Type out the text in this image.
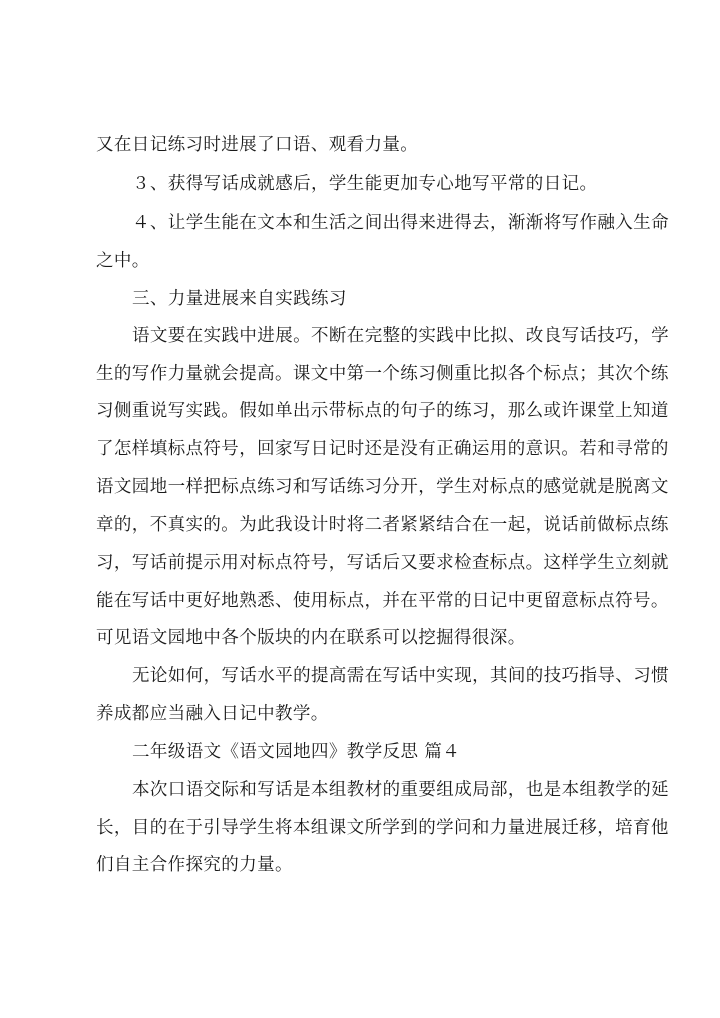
又在日记练习时进展了口语、观看力量。
３、获得写话成就感后，学生能更加专心地写平常的日记。
４、让学生能在文本和生活之间出得来进得去，渐渐将写作融入生命
之中。
三、力量进展来自实践练习
语文要在实践中进展。不断在完整的实践中比拟、改良写话技巧，学
生的写作力量就会提高。课文中第一个练习侧重比拟各个标点；其次个练
习侧重说写实践。假如单出示带标点的句子的练习，那么或许课堂上知道
了怎样填标点符号，回家写日记时还是没有正确运用的意识。若和寻常的
语文园地一样把标点练习和写话练习分开，学生对标点的感觉就是脱离文
章的，不真实的。为此我设计时将二者紧紧结合在一起，说话前做标点练
习，写话前提示用对标点符号，写话后又要求检查标点。这样学生立刻就
能在写话中更好地熟悉、使用标点，并在平常的日记中更留意标点符号。
可见语文园地中各个版块的内在联系可以挖掘得很深。
无论如何，写话水平的提高需在写话中实现，其间的技巧指导、习惯
养成都应当融入日记中教学。
二年级语文《语文园地四》教学反思 篇４
本次口语交际和写话是本组教材的重要组成局部，也是本组教学的延
长，目的在于引导学生将本组课文所学到的学问和力量进展迁移，培育他
们自主合作探究的力量。
